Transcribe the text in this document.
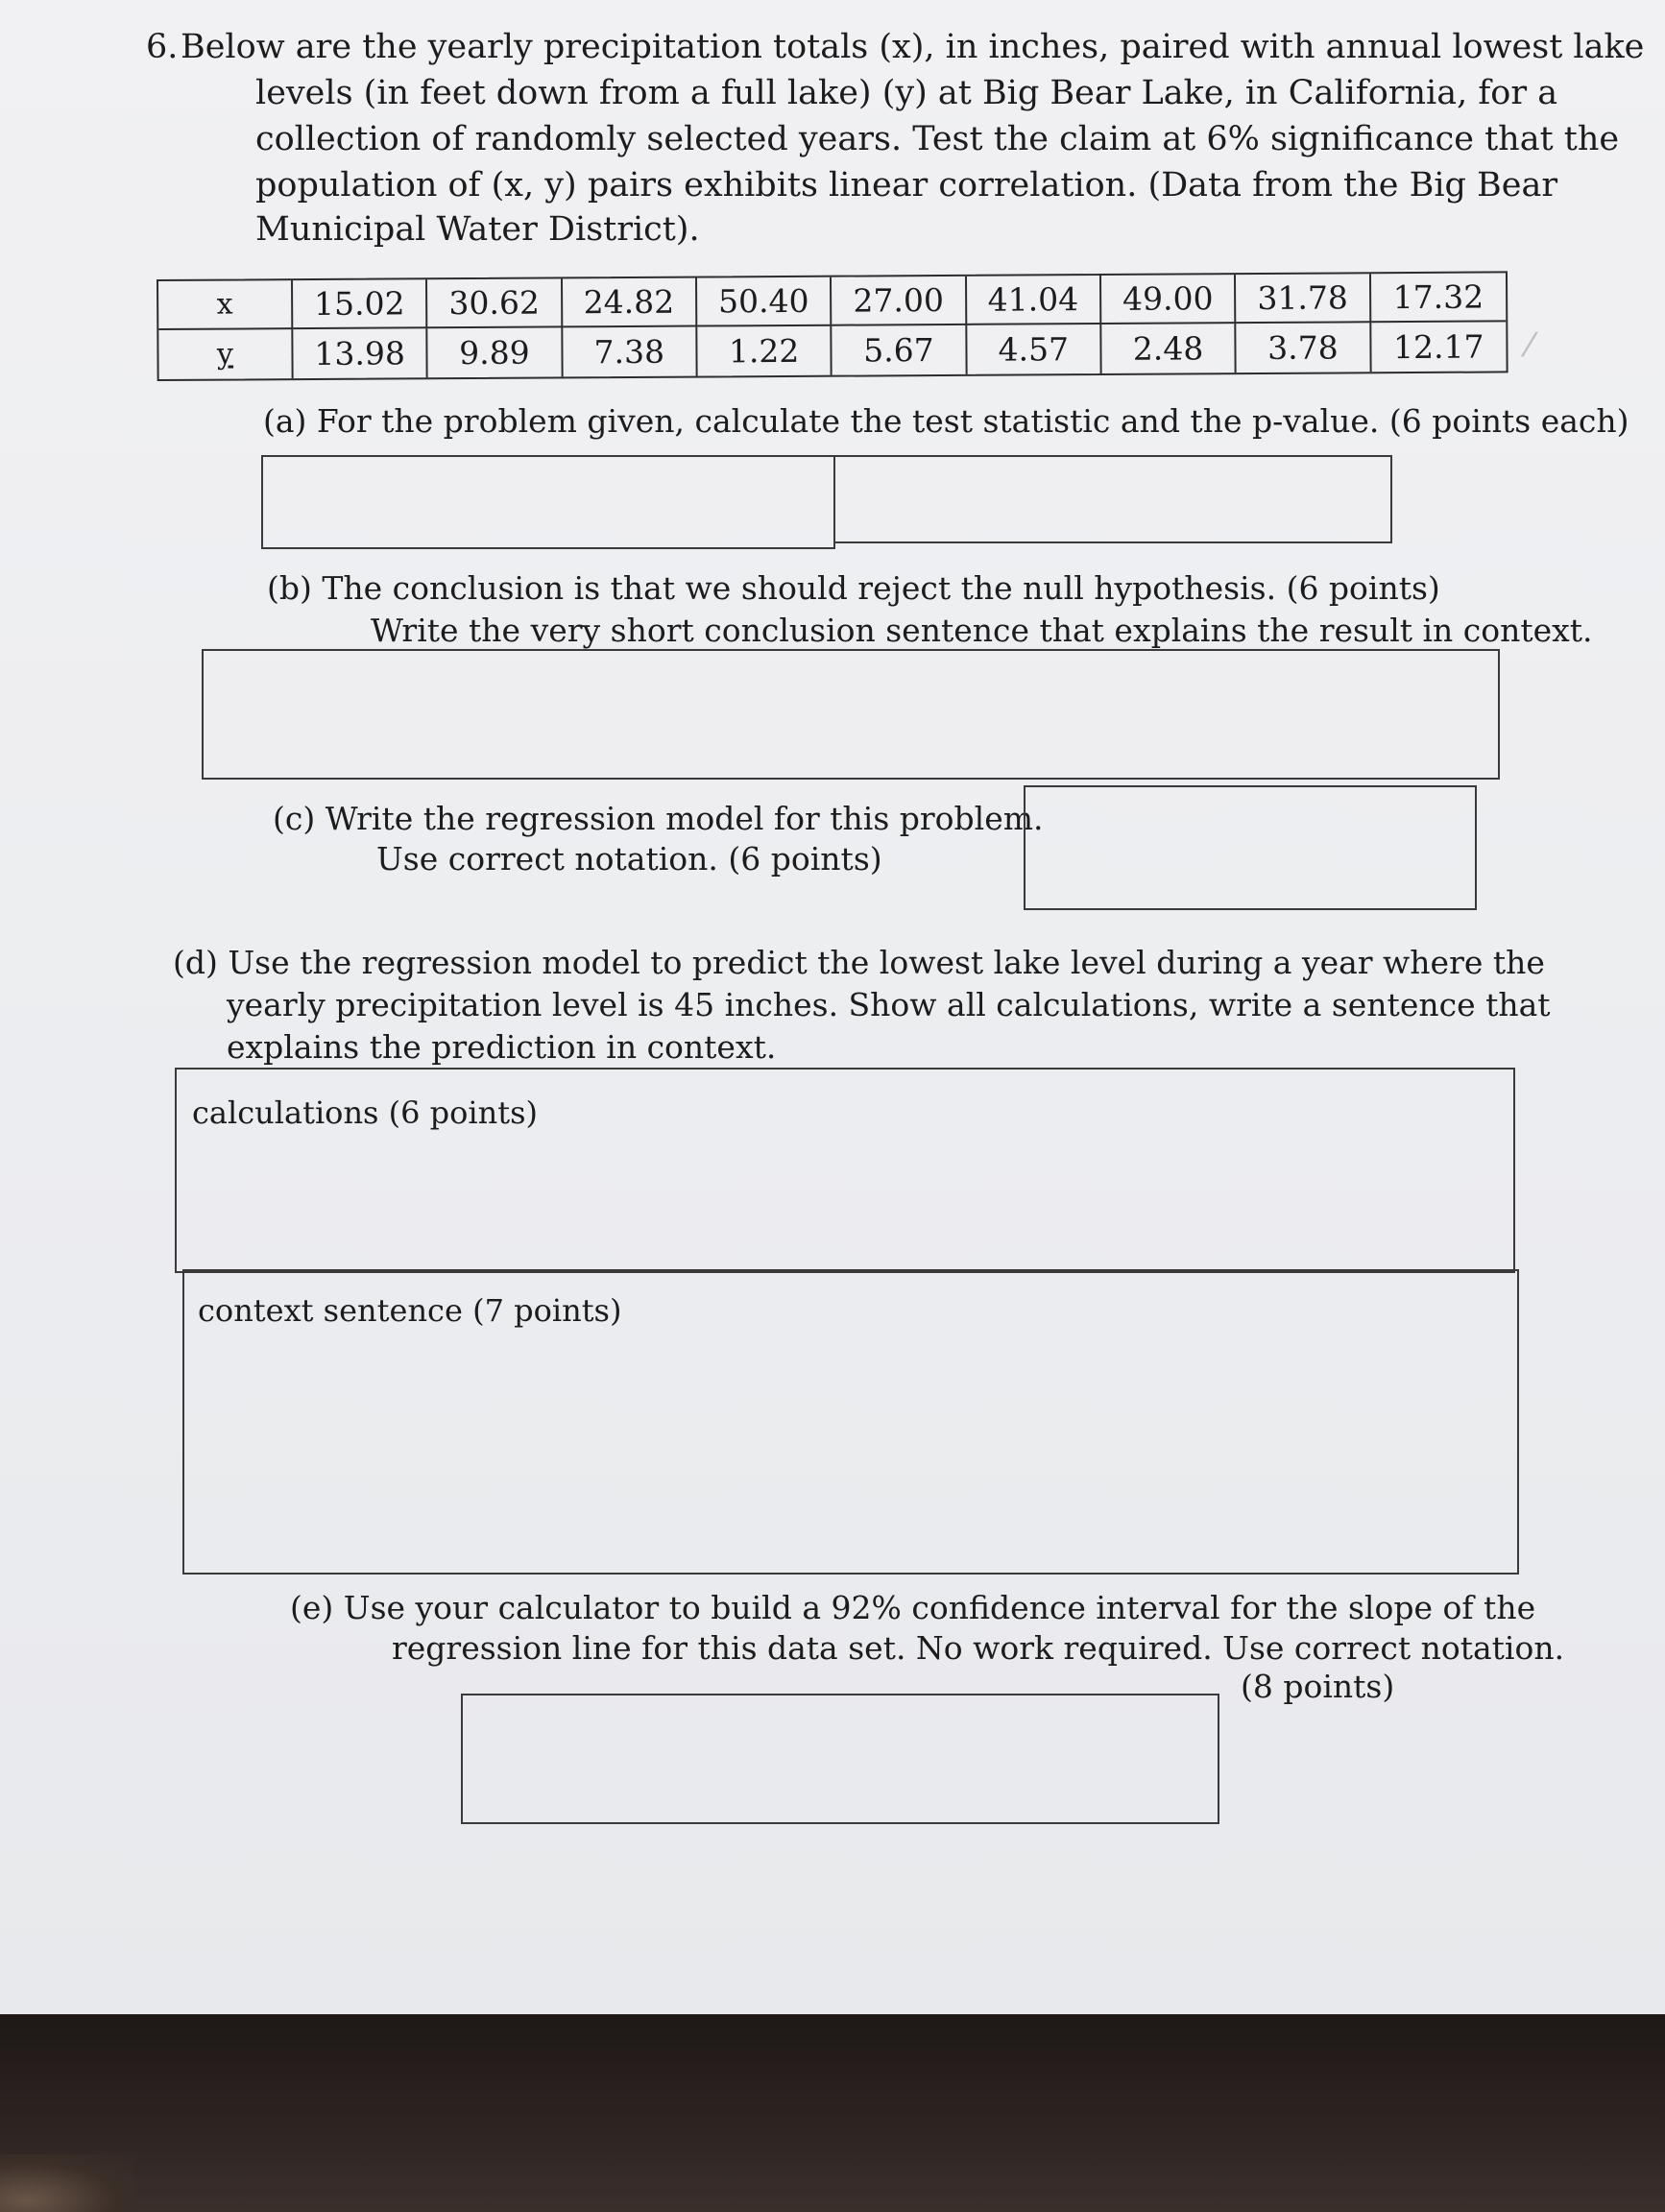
6. Below are the yearly precipitation totals (x), in inches, paired with annual lowest lake
levels (in feet down from a full lake) (y) at Big Bear Lake, in California, for a
collection of randomly selected years. Test the claim at 6% significance that the
population of (x, y) pairs exhibits linear correlation. (Data from the Big Bear
Municipal Water District).
x	15.02	30.62	24.82	50.40	27.00	41.04	49.00	31.78	17.32
y	13.98	9.89	7.38	1.22	5.67	4.57	2.48	3.78	12.17	⁄
(a) For the problem given, calculate the test statistic and the p-value. (6 points each)
(b) The conclusion is that we should reject the null hypothesis. (6 points)
Write the very short conclusion sentence that explains the result in context.
(c) Write the regression model for this problem.
Use correct notation. (6 points)
(d) Use the regression model to predict the lowest lake level during a year where the
yearly precipitation level is 45 inches. Show all calculations, write a sentence that
explains the prediction in context.
calculations (6 points)
context sentence (7 points)
(e) Use your calculator to build a 92% confidence interval for the slope of the
regression line for this data set. No work required. Use correct notation.
(8 points)
